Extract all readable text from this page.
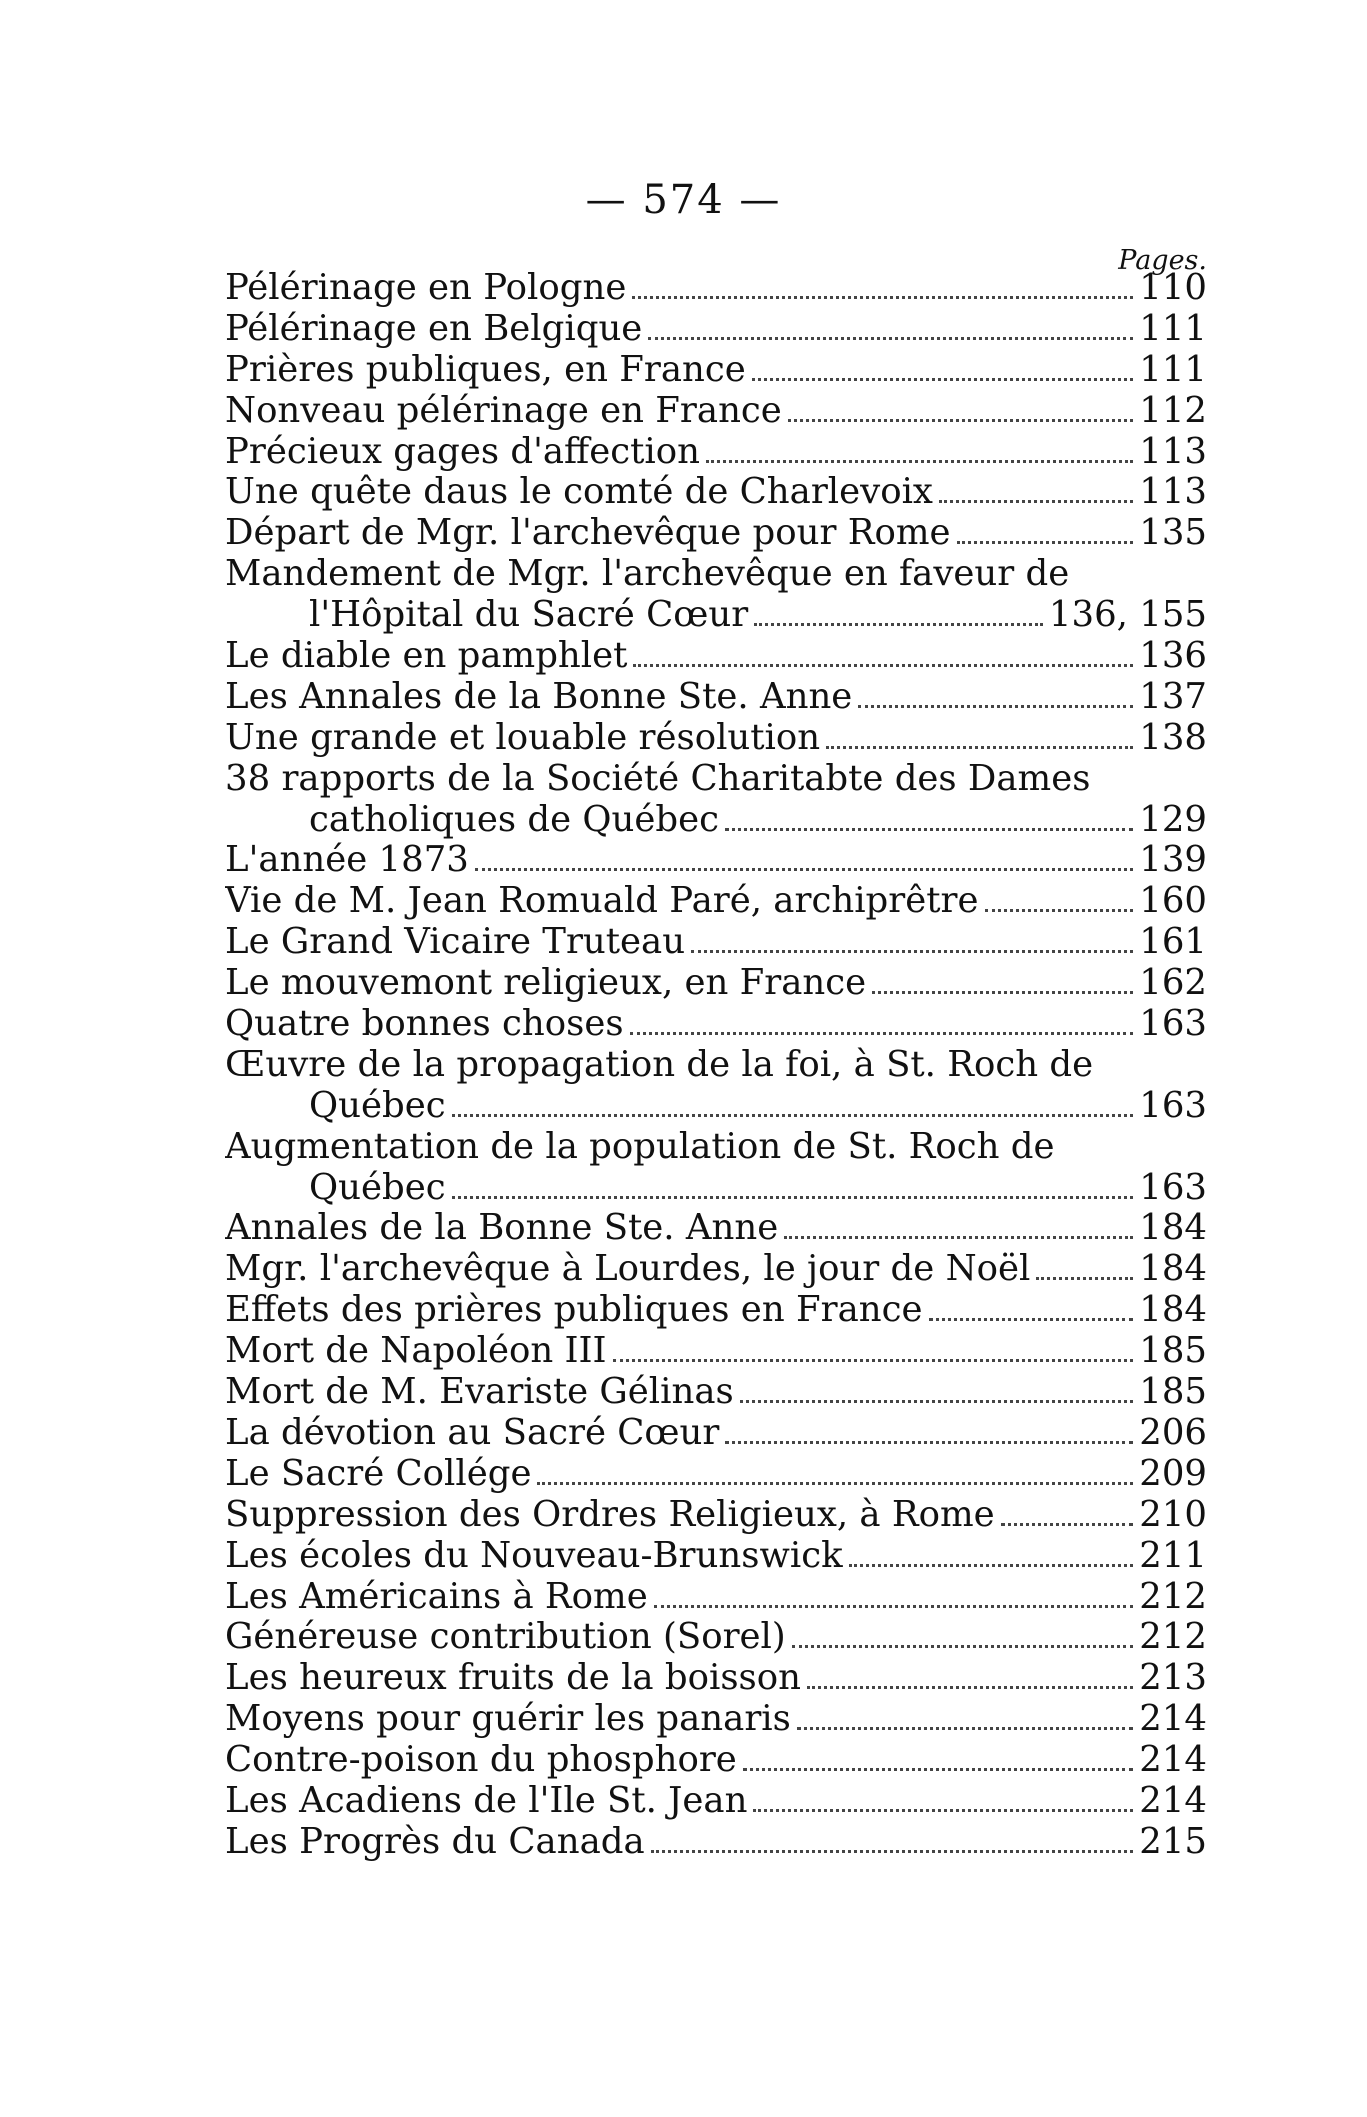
— 574 —
Pages.
Pélérinage en Pologne	110
Pélérinage en Belgique	111
Prières publiques, en France	111
Nonveau pélérinage en France	112
Précieux gages d'affection	113
Une quête daus le comté de Charlevoix	113
Départ de Mgr. l'archevêque pour Rome	135
Mandement de Mgr. l'archevêque en faveur de
l'Hôpital du Sacré Cœur	136, 155
Le diable en pamphlet	136
Les Annales de la Bonne Ste. Anne	137
Une grande et louable résolution	138
38 rapports de la Société Charitabte des Dames
catholiques de Québec	129
L'année 1873	139
Vie de M. Jean Romuald Paré, archiprêtre	160
Le Grand Vicaire Truteau	161
Le mouvemont religieux, en France	162
Quatre bonnes choses	163
Œuvre de la propagation de la foi, à St. Roch de
Québec	163
Augmentation de la population de St. Roch de
Québec	163
Annales de la Bonne Ste. Anne	184
Mgr. l'archevêque à Lourdes, le jour de Noël	184
Effets des prières publiques en France	184
Mort de Napoléon III	185
Mort de M. Evariste Gélinas	185
La dévotion au Sacré Cœur	206
Le Sacré Collége	209
Suppression des Ordres Religieux, à Rome	210
Les écoles du Nouveau-Brunswick	211
Les Américains à Rome	212
Généreuse contribution (Sorel)	212
Les heureux fruits de la boisson	213
Moyens pour guérir les panaris	214
Contre-poison du phosphore	214
Les Acadiens de l'Ile St. Jean	214
Les Progrès du Canada	215
